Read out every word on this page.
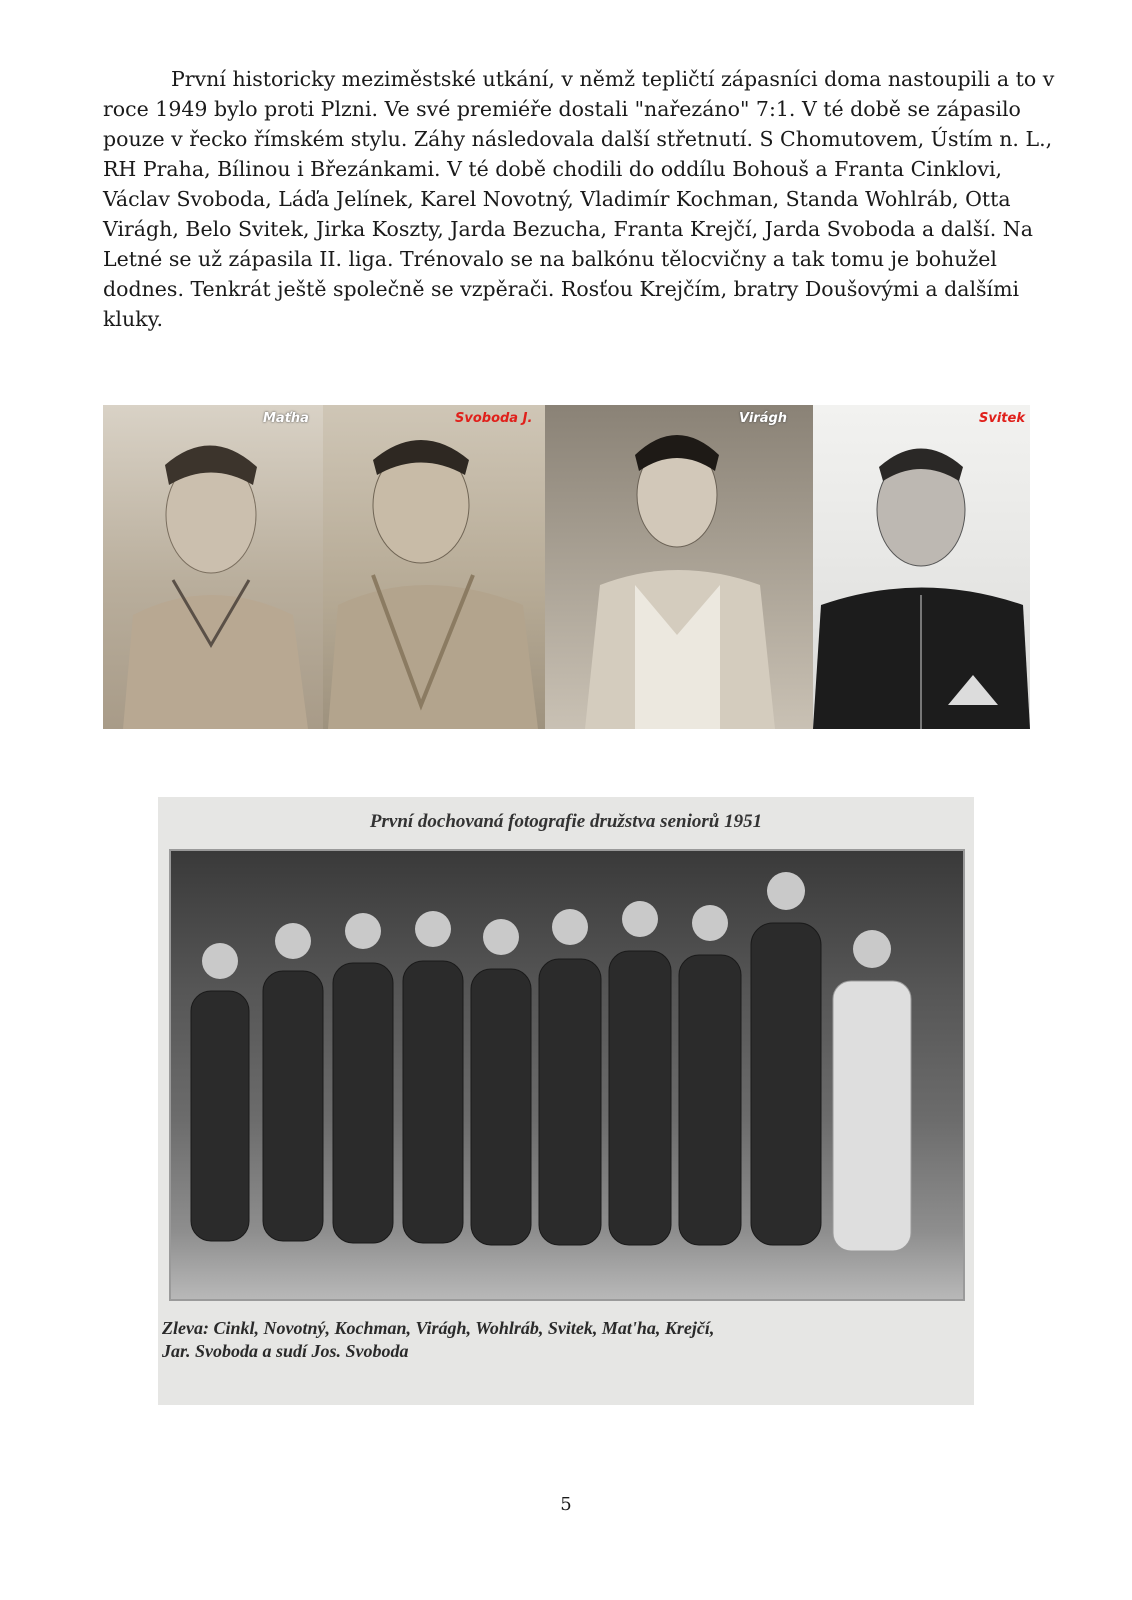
První historicky meziměstské utkání, v němž tepličtí zápasníci doma nastoupili a to v
roce 1949 bylo proti Plzni. Ve své premiéře dostali "nařezáno" 7:1. V té době se zápasilo
pouze v řecko římském stylu. Záhy následovala další střetnutí. S Chomutovem, Ústím n. L.,
RH Praha, Bílinou i Březánkami. V té době chodili do oddílu Bohouš a Franta Cinklovi,
Václav Svoboda, Láďa Jelínek, Karel Novotný, Vladimír Kochman, Standa Wohlráb, Otta
Virágh, Belo Svitek, Jirka Koszty, Jarda Bezucha, Franta Krejčí, Jarda Svoboda a další. Na
Letné se už zápasila II. liga. Trénovalo se na balkónu tělocvičny a tak tomu je bohužel
dodnes. Tenkrát ještě společně se vzpěrači. Rosťou Krejčím, bratry Doušovými a dalšími
kluky.
Maťha	Svoboda J.	Virágh	Svitek
První dochovaná fotografie družstva seniorů 1951

Zleva: Cinkl, Novotný, Kochman, Virágh, Wohlráb, Svitek, Mat'ha, Krejčí,
Jar. Svoboda a sudí Jos. Svoboda

5
